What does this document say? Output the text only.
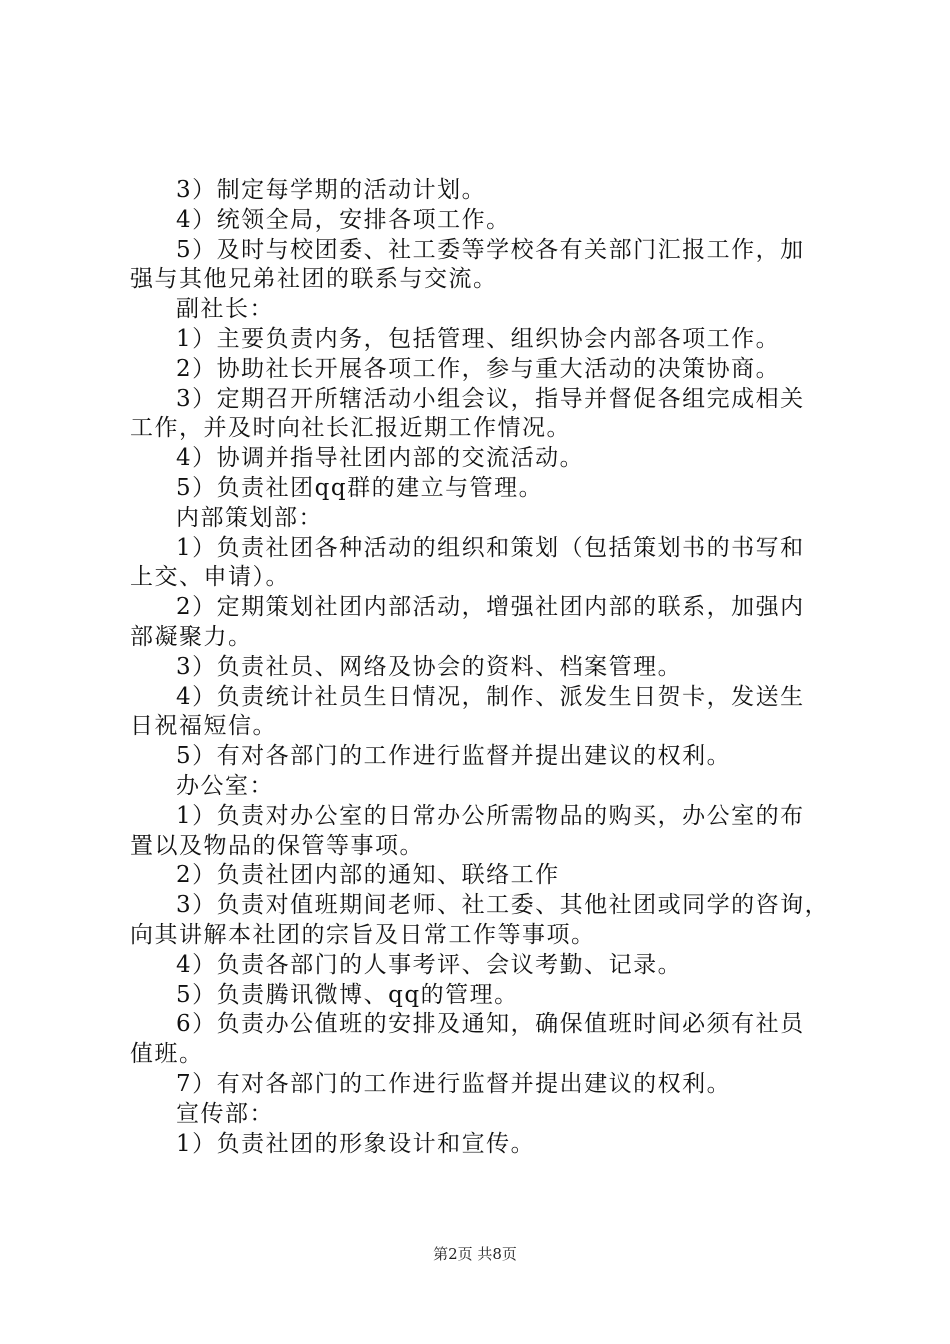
3）制定每学期的活动计划。

4）统领全局，安排各项工作。

5）及时与校团委、社工委等学校各有关部门汇报工作，加

强与其他兄弟社团的联系与交流。

副社长：

1）主要负责内务，包括管理、组织协会内部各项工作。

2）协助社长开展各项工作，参与重大活动的决策协商。

3）定期召开所辖活动小组会议，指导并督促各组完成相关

工作，并及时向社长汇报近期工作情况。

4）协调并指导社团内部的交流活动。

5）负责社团qq群的建立与管理。

内部策划部：

1）负责社团各种活动的组织和策划（包括策划书的书写和

上交、申请）。

2）定期策划社团内部活动，增强社团内部的联系，加强内

部凝聚力。

3）负责社员、网络及协会的资料、档案管理。

4）负责统计社员生日情况，制作、派发生日贺卡，发送生

日祝福短信。

5）有对各部门的工作进行监督并提出建议的权利。

办公室：

1）负责对办公室的日常办公所需物品的购买，办公室的布

置以及物品的保管等事项。

2）负责社团内部的通知、联络工作

3）负责对值班期间老师、社工委、其他社团或同学的咨询，

向其讲解本社团的宗旨及日常工作等事项。

4）负责各部门的人事考评、会议考勤、记录。

5）负责腾讯微博、qq的管理。

6）负责办公值班的安排及通知，确保值班时间必须有社员

值班。

7）有对各部门的工作进行监督并提出建议的权利。

宣传部：

1）负责社团的形象设计和宣传。

第2页 共8页
